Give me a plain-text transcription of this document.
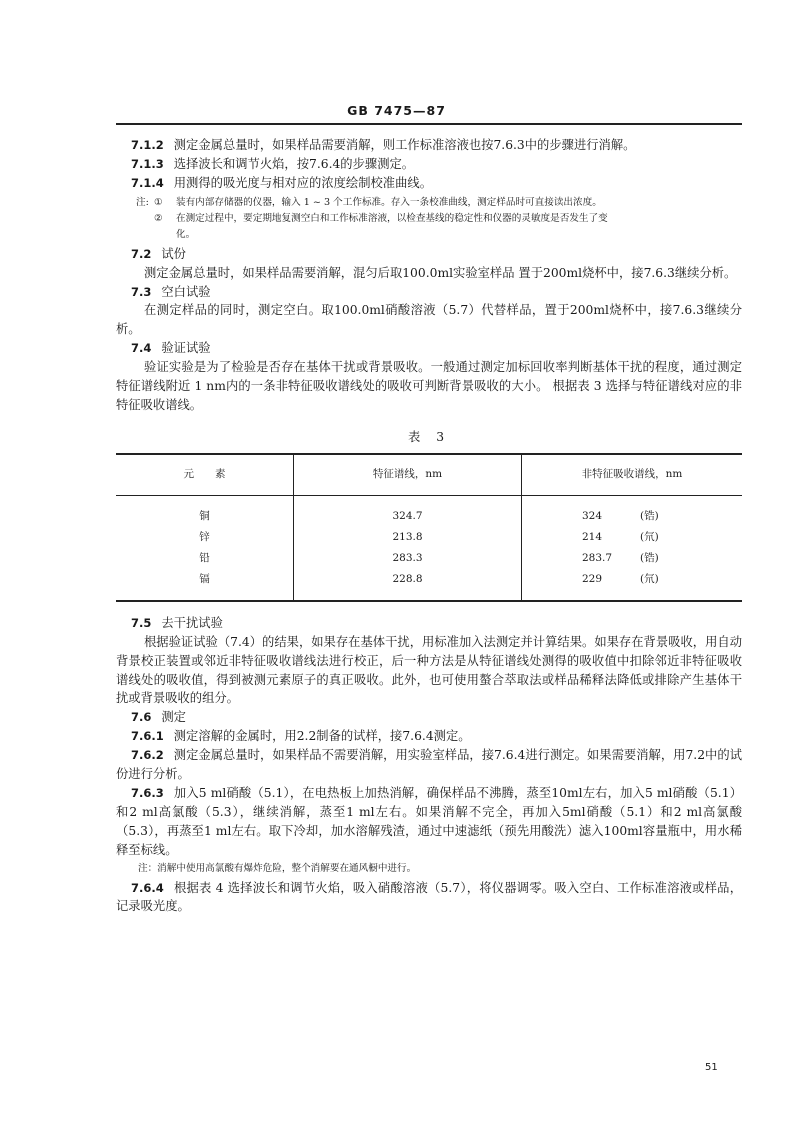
GB 7475—87

7.1.2 测定金属总量时，如果样品需要消解，则工作标准溶液也按7.6.3中的步骤进行消解。

7.1.3 选择波长和调节火焰，按7.6.4的步骤测定。

7.1.4 用测得的吸光度与相对应的浓度绘制校准曲线。

注: ①	装有内部存储器的仪器，输入 1 ~ 3 个工作标准。存入一条校准曲线，测定样品时可直接读出浓度。
②	在测定过程中，要定期地复测空白和工作标准溶液，以检查基线的稳定性和仪器的灵敏度是否发生了变
化。

7.2 试份

测定金属总量时，如果样品需要消解，混匀后取100.0ml实验室样品 置于200ml烧杯中，接7.6.3继续分析。

7.3 空白试验

在测定样品的同时，测定空白。取100.0ml硝酸溶液（5.7）代替样品，置于200ml烧杯中，接7.6.3继续分析。

7.4 验证试验

验证实验是为了检验是否存在基体干扰或背景吸收。一般通过测定加标回收率判断基体干扰的程度，通过测定特征谱线附近 1 nm内的一条非特征吸收谱线处的吸收可判断背景吸收的大小。 根据表 3 选择与特征谱线对应的非特征吸收谱线。

表 3
元　　素	特征谱线，nm	非特征吸收谱线，nm
铜	324.7	324 (锆)
锌	213.8	214 (氘)
铅	283.3	283.7 (锆)
镉	228.8	229 (氘)

7.5 去干扰试验

根据验证试验（7.4）的结果，如果存在基体干扰，用标准加入法测定并计算结果。如果存在背景吸收，用自动背景校正装置或邻近非特征吸收谱线法进行校正，后一种方法是从特征谱线处测得的吸收值中扣除邻近非特征吸收谱线处的吸收值，得到被测元素原子的真正吸收。此外，也可使用螯合萃取法或样品稀释法降低或排除产生基体干扰或背景吸收的组分。

7.6 测定

7.6.1 测定溶解的金属时，用2.2制备的试样，接7.6.4测定。

7.6.2 测定金属总量时，如果样品不需要消解，用实验室样品，接7.6.4进行测定。如果需要消解，用7.2中的试份进行分析。

7.6.3 加入5 ml硝酸（5.1），在电热板上加热消解，确保样品不沸腾，蒸至10ml左右，加入5 ml硝酸（5.1）和2 ml高氯酸（5.3），继续消解，蒸至1 ml左右。如果消解不完全，再加入5ml硝酸（5.1）和2 ml高氯酸（5.3），再蒸至1 ml左右。取下冷却，加水溶解残渣，通过中速滤纸（预先用酸洗）滤入100ml容量瓶中，用水稀释至标线。

注：消解中使用高氯酸有爆炸危险，整个消解要在通风橱中进行。

7.6.4 根据表 4 选择波长和调节火焰，吸入硝酸溶液（5.7），将仪器调零。吸入空白、工作标准溶液或样品，记录吸光度。

51
